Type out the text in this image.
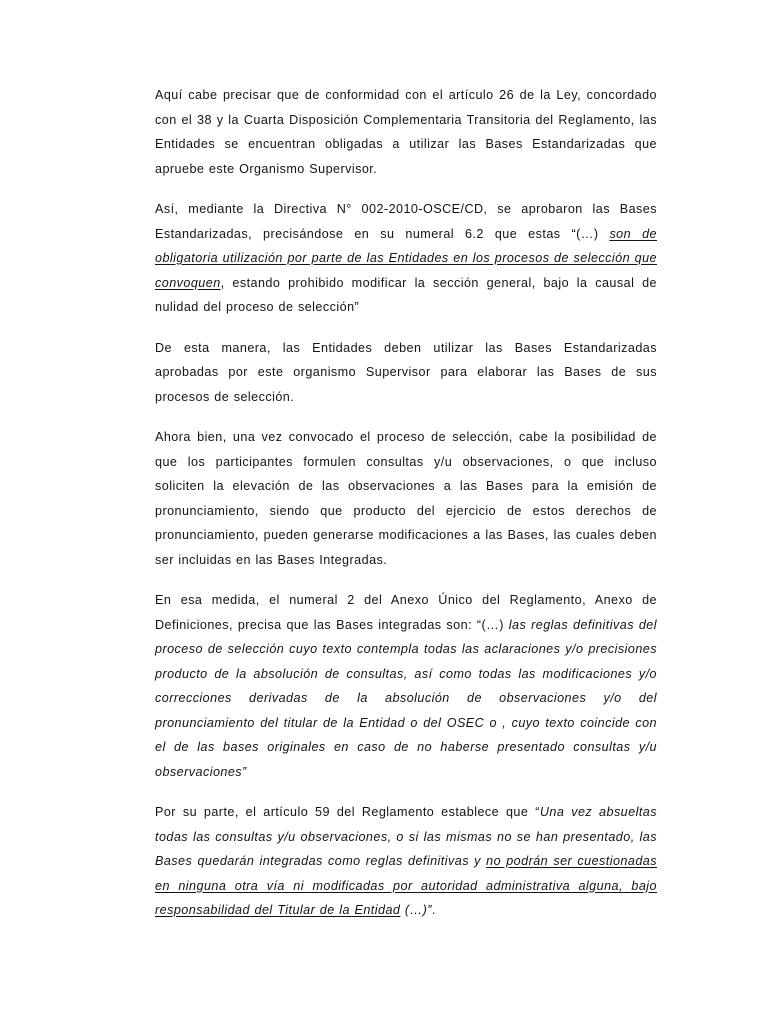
Aquí cabe precisar que de conformidad con el artículo 26 de la Ley, concordado con el 38 y la Cuarta Disposición Complementaria Transitoria del Reglamento, las Entidades se encuentran obligadas a utilizar las Bases Estandarizadas que apruebe este Organismo Supervisor.

Así, mediante la Directiva N° 002-2010-OSCE/CD, se aprobaron las Bases Estandarizadas, precisándose en su numeral 6.2 que estas “(…) son de obligatoria utilización por parte de las Entidades en los procesos de selección que convoquen, estando prohibido modificar la sección general, bajo la causal de nulidad del proceso de selección”

De esta manera, las Entidades deben utilizar las Bases Estandarizadas aprobadas por este organismo Supervisor para elaborar las Bases de sus procesos de selección.

Ahora bien, una vez convocado el proceso de selección, cabe la posibilidad de que los participantes formulen consultas y/u observaciones, o que incluso soliciten la elevación de las observaciones a las Bases para la emisión de pronunciamiento, siendo que producto del ejercicio de estos derechos de pronunciamiento, pueden generarse modificaciones a las Bases, las cuales deben ser incluidas en las Bases Integradas.

En esa medida, el numeral 2 del Anexo Único del Reglamento, Anexo de Definiciones, precisa que las Bases integradas son: “(…) las reglas definitivas del proceso de selección cuyo texto contempla todas las aclaraciones y/o precisiones producto de la absolución de consultas, así como todas las modificaciones y/o correcciones derivadas de la absolución de observaciones y/o del pronunciamiento del titular de la Entidad o del OSEC o , cuyo texto coincide con el de las bases originales en caso de no haberse presentado consultas y/u observaciones”

Por su parte, el artículo 59 del Reglamento establece que “Una vez absueltas todas las consultas y/u observaciones, o si las mismas no se han presentado, las Bases quedarán integradas como reglas definitivas y no podrán ser cuestionadas en ninguna otra vía ni modificadas por autoridad administrativa alguna, bajo responsabilidad del Titular de la Entidad (…)”.
